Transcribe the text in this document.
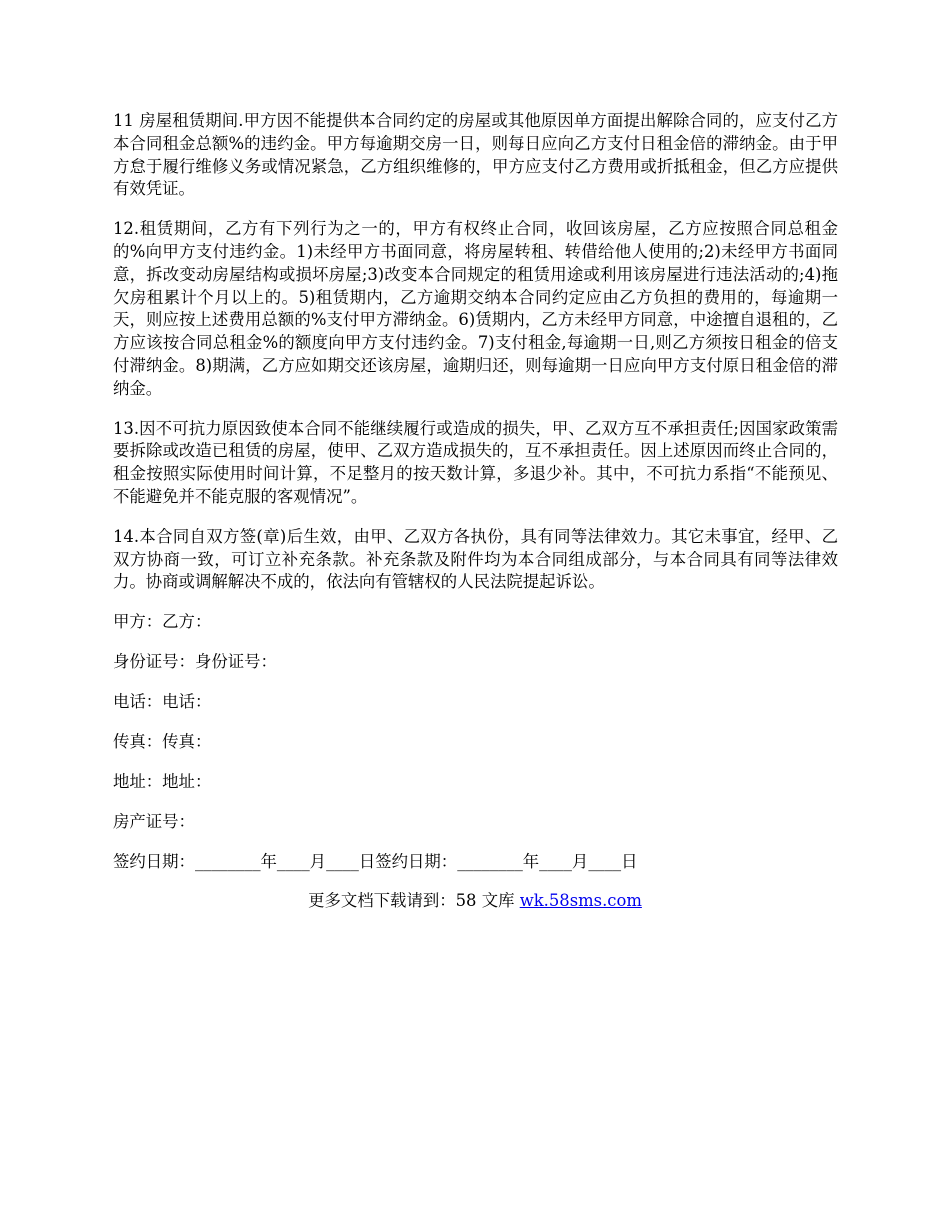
11 房屋租赁期间.甲方因不能提供本合同约定的房屋或其他原因单方面提出解除合同的，应支付乙方本合同租金总额%的违约金。甲方每逾期交房一日，则每日应向乙方支付日租金倍的滞纳金。由于甲方怠于履行维修义务或情况紧急，乙方组织维修的，甲方应支付乙方费用或折抵租金，但乙方应提供有效凭证。

12.租赁期间，乙方有下列行为之一的，甲方有权终止合同，收回该房屋，乙方应按照合同总租金的%向甲方支付违约金。1)未经甲方书面同意，将房屋转租、转借给他人使用的;2)未经甲方书面同意，拆改变动房屋结构或损坏房屋;3)改变本合同规定的租赁用途或利用该房屋进行违法活动的;4)拖欠房租累计个月以上的。5)租赁期内，乙方逾期交纳本合同约定应由乙方负担的费用的，每逾期一天，则应按上述费用总额的%支付甲方滞纳金。6)赁期内，乙方未经甲方同意，中途擅自退租的，乙方应该按合同总租金%的额度向甲方支付违约金。7)支付租金,每逾期一日,则乙方须按日租金的倍支付滞纳金。8)期满，乙方应如期交还该房屋，逾期归还，则每逾期一日应向甲方支付原日租金倍的滞纳金。

13.因不可抗力原因致使本合同不能继续履行或造成的损失，甲、乙双方互不承担责任;因国家政策需要拆除或改造已租赁的房屋，使甲、乙双方造成损失的，互不承担责任。因上述原因而终止合同的，租金按照实际使用时间计算，不足整月的按天数计算，多退少补。其中，不可抗力系指“不能预见、不能避免并不能克服的客观情况”。

14.本合同自双方签(章)后生效，由甲、乙双方各执份，具有同等法律效力。其它未事宜，经甲、乙双方协商一致，可订立补充条款。补充条款及附件均为本合同组成部分，与本合同具有同等法律效力。协商或调解解决不成的，依法向有管辖权的人民法院提起诉讼。

甲方：乙方：
身份证号：身份证号：
电话：电话：
传真：传真：
地址：地址：
房产证号：
签约日期：________年____月____日签约日期：________年____月____日
更多文档下载请到：58 文库 wk.58sms.com
